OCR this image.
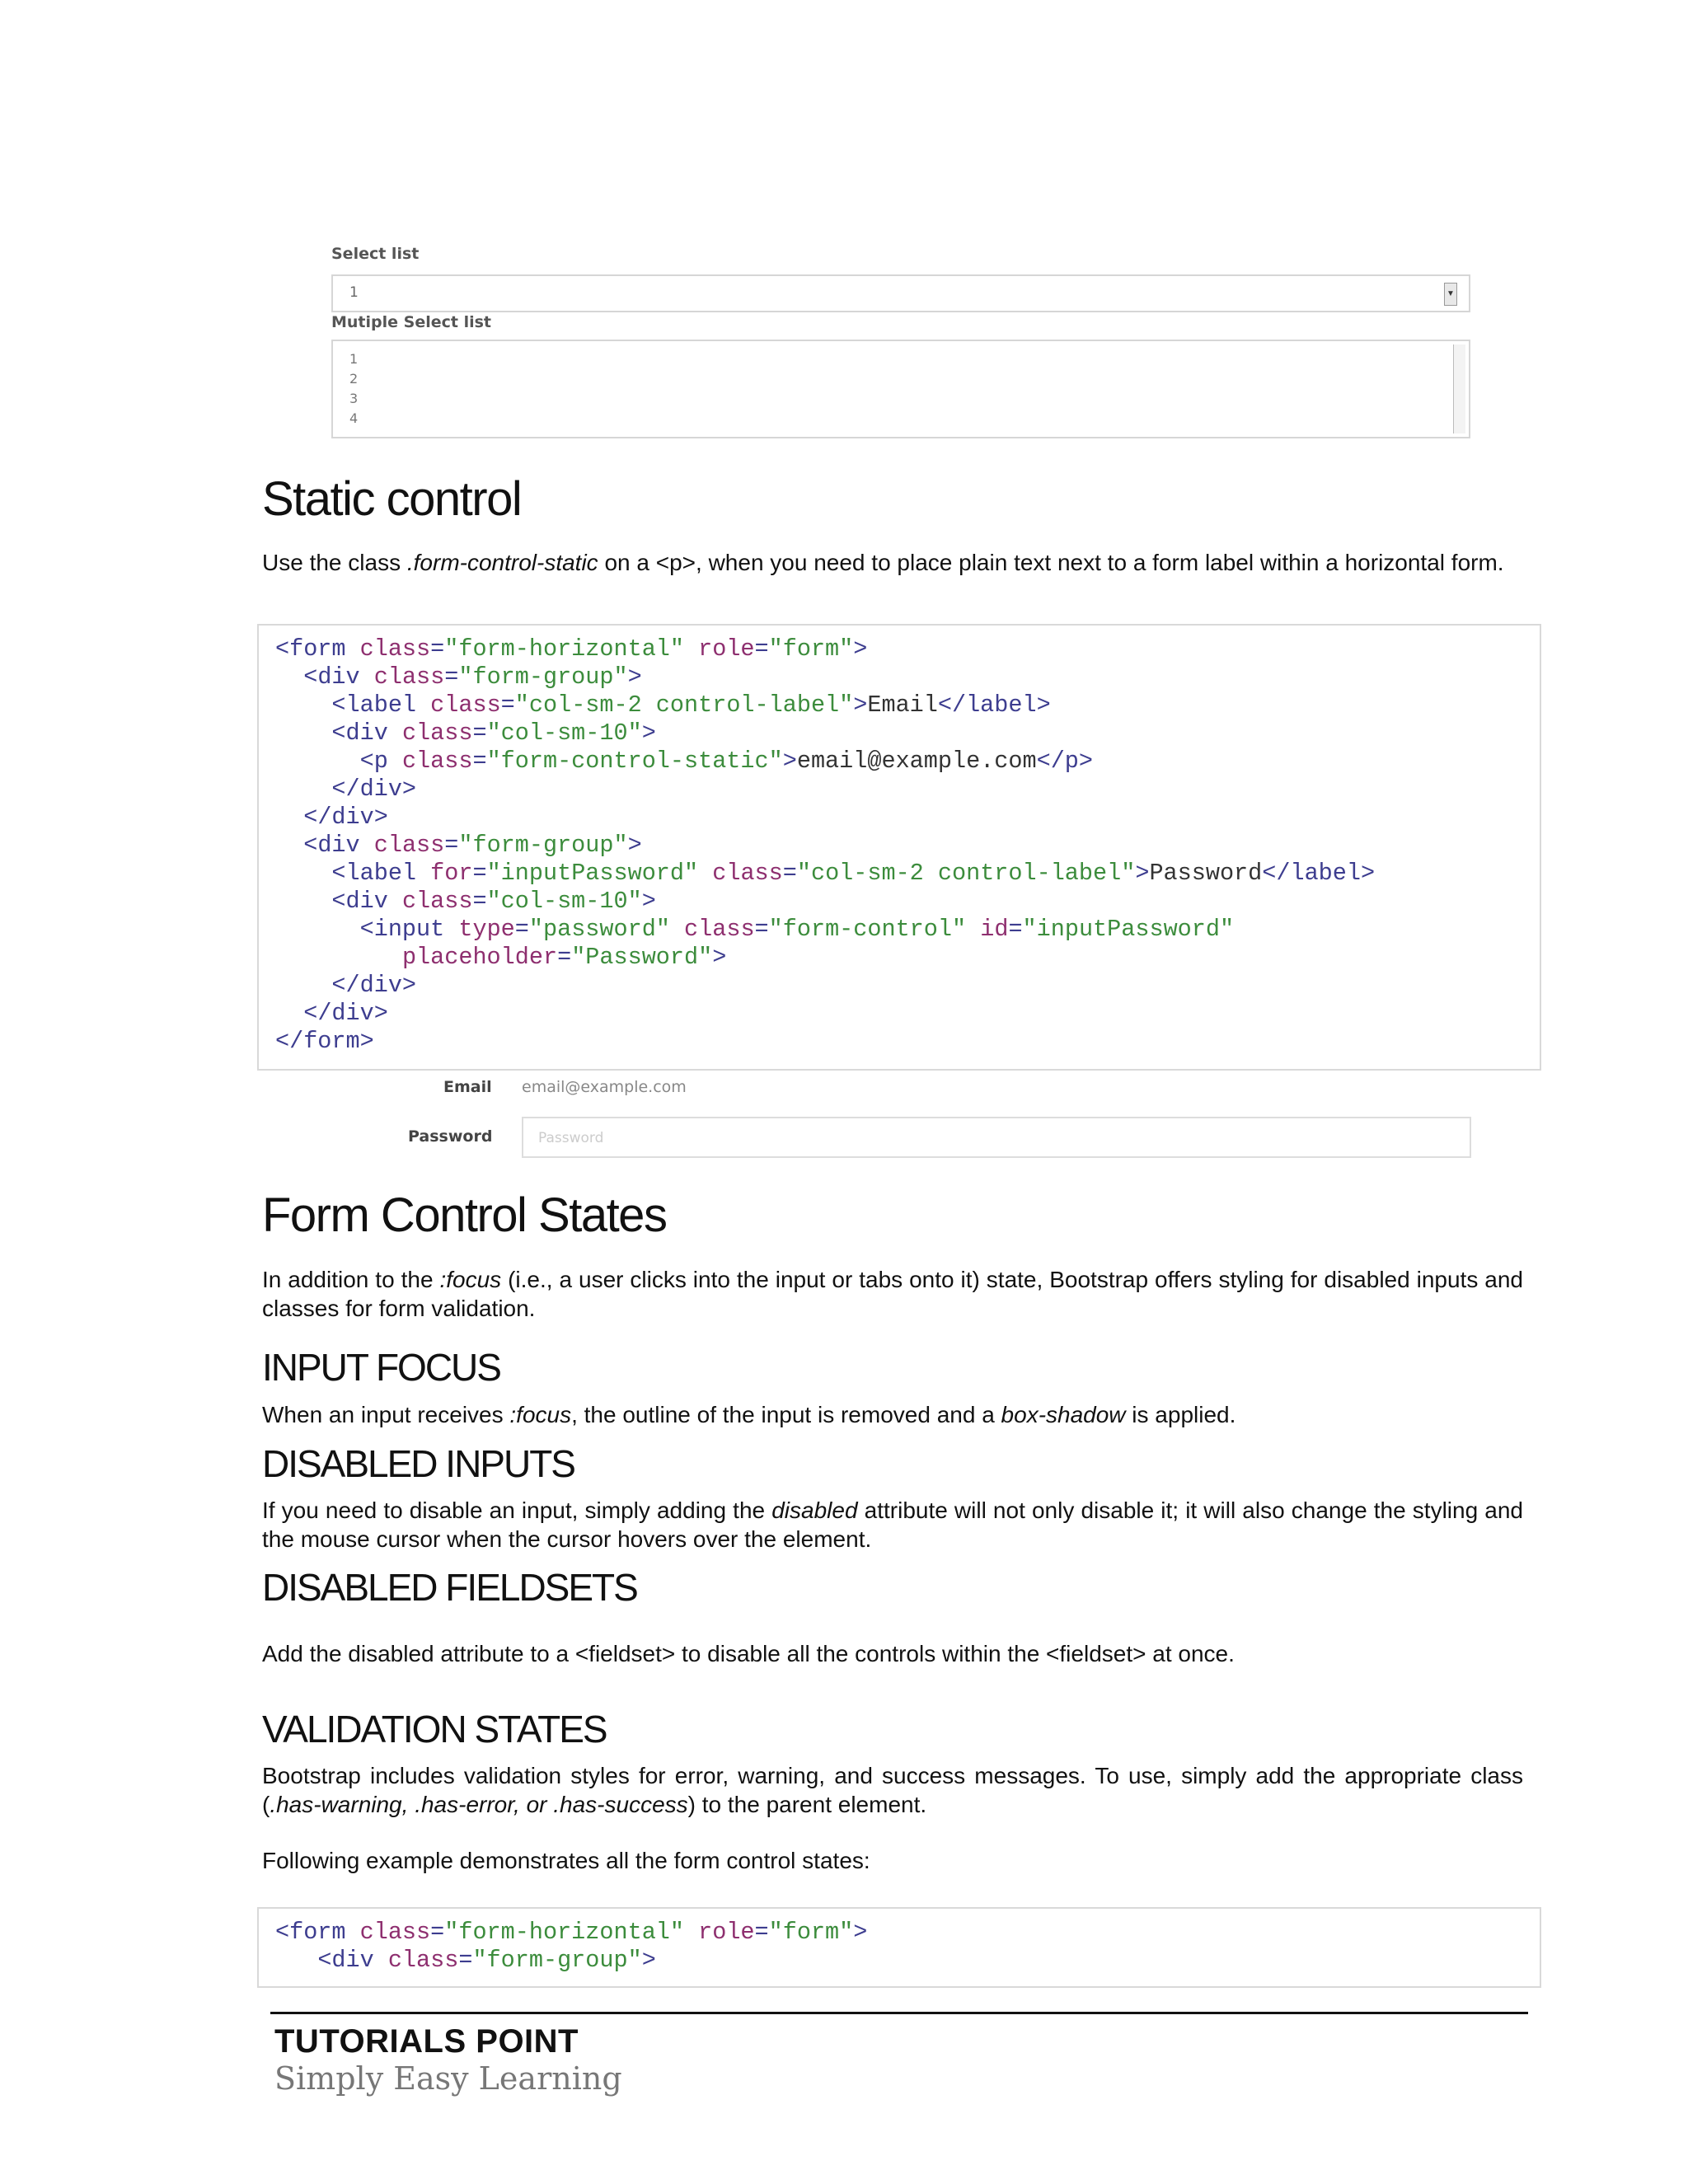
Select list
1	▼
Mutiple Select list
1
2
3
4
Static control

Use the class .form-control-static on a <p>, when you need to place plain text next to a form label within a horizontal form.

<form class="form-horizontal" role="form">
<div class="form-group">
<label class="col-sm-2 control-label">Email</label>
<div class="col-sm-10">
<p class="form-control-static">email@example.com</p>
</div>
</div>
<div class="form-group">
<label for="inputPassword" class="col-sm-2 control-label">Password</label>
<div class="col-sm-10">
<input type="password" class="form-control" id="inputPassword"
placeholder="Password">
</div>
</div>
</form>
Email email@example.com
Password	Password
Form Control States

In addition to the :focus (i.e., a user clicks into the input or tabs onto it) state, Bootstrap offers styling for disabled inputs and classes for form validation.

INPUT FOCUS

When an input receives :focus, the outline of the input is removed and a box-shadow is applied.

DISABLED INPUTS

If you need to disable an input, simply adding the disabled attribute will not only disable it; it will also change the styling and the mouse cursor when the cursor hovers over the element.

DISABLED FIELDSETS

Add the disabled attribute to a <fieldset> to disable all the controls within the <fieldset> at once.

VALIDATION STATES

Bootstrap includes validation styles for error, warning, and success messages. To use, simply add the appropriate class (.has-warning, .has-error, or .has-success) to the parent element.

Following example demonstrates all the form control states:

<form class="form-horizontal" role="form">
<div class="form-group">
TUTORIALS POINT
Simply Easy Learning
